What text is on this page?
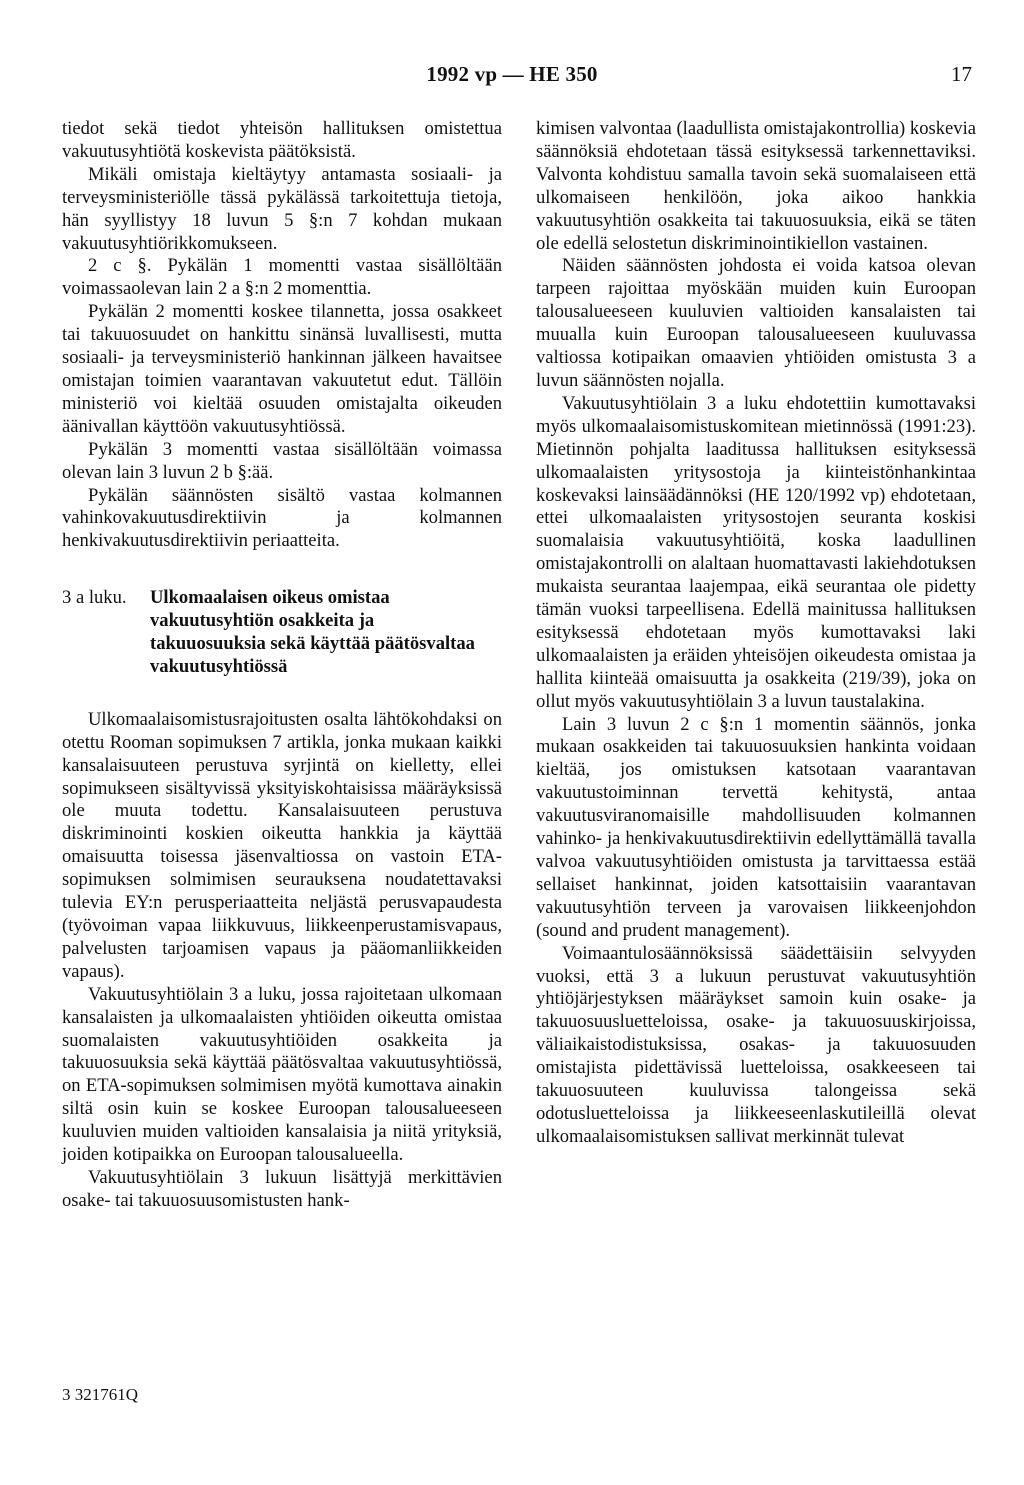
1992 vp — HE 350	17

tiedot sekä tiedot yhteisön hallituksen omistettua vakuutusyhtiötä koskevista päätöksistä.

Mikäli omistaja kieltäytyy antamasta sosiaali- ja terveysministeriölle tässä pykälässä tarkoitettuja tietoja, hän syyllistyy 18 luvun 5 §:n 7 kohdan mukaan vakuutusyhtiörikkomukseen.

2 c §. Pykälän 1 momentti vastaa sisällöltään voimassaolevan lain 2 a §:n 2 momenttia.

Pykälän 2 momentti koskee tilannetta, jossa osakkeet tai takuuosuudet on hankittu sinänsä luvallisesti, mutta sosiaali- ja terveysministeriö hankinnan jälkeen havaitsee omistajan toimien vaarantavan vakuutetut edut. Tällöin ministeriö voi kieltää osuuden omistajalta oikeuden äänivallan käyttöön vakuutusyhtiössä.

Pykälän 3 momentti vastaa sisällöltään voimassa olevan lain 3 luvun 2 b §:ää.

Pykälän säännösten sisältö vastaa kolmannen vahinkovakuutusdirektiivin ja kolmannen henkivakuutusdirektiivin periaatteita.

3 a luku.	Ulkomaalaisen oikeus omistaa vakuutusyhtiön osakkeita ja takuuosuuksia sekä käyttää päätösvaltaa vakuutusyhtiössä

Ulkomaalaisomistusrajoitusten osalta lähtökohdaksi on otettu Rooman sopimuksen 7 artikla, jonka mukaan kaikki kansalaisuuteen perustuva syrjintä on kielletty, ellei sopimukseen sisältyvissä yksityiskohtaisissa määräyksissä ole muuta todettu. Kansalaisuuteen perustuva diskriminointi koskien oikeutta hankkia ja käyttää omaisuutta toisessa jäsenvaltiossa on vastoin ETA-sopimuksen solmimisen seurauksena noudatettavaksi tulevia EY:n perusperiaatteita neljästä perusvapaudesta (työvoiman vapaa liikkuvuus, liikkeenperustamisvapaus, palvelusten tarjoamisen vapaus ja pääomanliikkeiden vapaus).

Vakuutusyhtiölain 3 a luku, jossa rajoitetaan ulkomaan kansalaisten ja ulkomaalaisten yhtiöiden oikeutta omistaa suomalaisten vakuutusyhtiöiden osakkeita ja takuuosuuksia sekä käyttää päätösvaltaa vakuutusyhtiössä, on ETA-sopimuksen solmimisen myötä kumottava ainakin siltä osin kuin se koskee Euroopan talousalueeseen kuuluvien muiden valtioiden kansalaisia ja niitä yrityksiä, joiden kotipaikka on Euroopan talousalueella.

Vakuutusyhtiölain 3 lukuun lisättyjä merkittävien osake- tai takuuosuusomistusten hank-

kimisen valvontaa (laadullista omistajakontrollia) koskevia säännöksiä ehdotetaan tässä esityksessä tarkennettaviksi. Valvonta kohdistuu samalla tavoin sekä suomalaiseen että ulkomaiseen henkilöön, joka aikoo hankkia vakuutusyhtiön osakkeita tai takuuosuuksia, eikä se täten ole edellä selostetun diskriminointikiellon vastainen.

Näiden säännösten johdosta ei voida katsoa olevan tarpeen rajoittaa myöskään muiden kuin Euroopan talousalueeseen kuuluvien valtioiden kansalaisten tai muualla kuin Euroopan talousalueeseen kuuluvassa valtiossa kotipaikan omaavien yhtiöiden omistusta 3 a luvun säännösten nojalla.

Vakuutusyhtiölain 3 a luku ehdotettiin kumottavaksi myös ulkomaalaisomistuskomitean mietinnössä (1991:23). Mietinnön pohjalta laaditussa hallituksen esityksessä ulkomaalaisten yritysostoja ja kiinteistönhankintaa koskevaksi lainsäädännöksi (HE 120/1992 vp) ehdotetaan, ettei ulkomaalaisten yritysostojen seuranta koskisi suomalaisia vakuutusyhtiöitä, koska laadullinen omistajakontrolli on alaltaan huomattavasti lakiehdotuksen mukaista seurantaa laajempaa, eikä seurantaa ole pidetty tämän vuoksi tarpeellisena. Edellä mainitussa hallituksen esityksessä ehdotetaan myös kumottavaksi laki ulkomaalaisten ja eräiden yhteisöjen oikeudesta omistaa ja hallita kiinteää omaisuutta ja osakkeita (219/39), joka on ollut myös vakuutusyhtiölain 3 a luvun taustalakina.

Lain 3 luvun 2 c §:n 1 momentin säännös, jonka mukaan osakkeiden tai takuuosuuksien hankinta voidaan kieltää, jos omistuksen katsotaan vaarantavan vakuutustoiminnan tervettä kehitystä, antaa vakuutusviranomaisille mahdollisuuden kolmannen vahinko- ja henkivakuutusdirektiivin edellyttämällä tavalla valvoa vakuutusyhtiöiden omistusta ja tarvittaessa estää sellaiset hankinnat, joiden katsottaisiin vaarantavan vakuutusyhtiön terveen ja varovaisen liikkeenjohdon (sound and prudent management).

Voimaantulosäännöksissä säädettäisiin selvyyden vuoksi, että 3 a lukuun perustuvat vakuutusyhtiön yhtiöjärjestyksen määräykset samoin kuin osake- ja takuuosuusluetteloissa, osake- ja takuuosuuskirjoissa, väliaikaistodistuksissa, osakas- ja takuuosuuden omistajista pidettävissä luetteloissa, osakkeeseen tai takuuosuuteen kuuluvissa talongeissa sekä odotusluetteloissa ja liikkeeseenlaskutileillä olevat ulkomaalaisomistuksen sallivat merkinnät tulevat

3 321761Q
